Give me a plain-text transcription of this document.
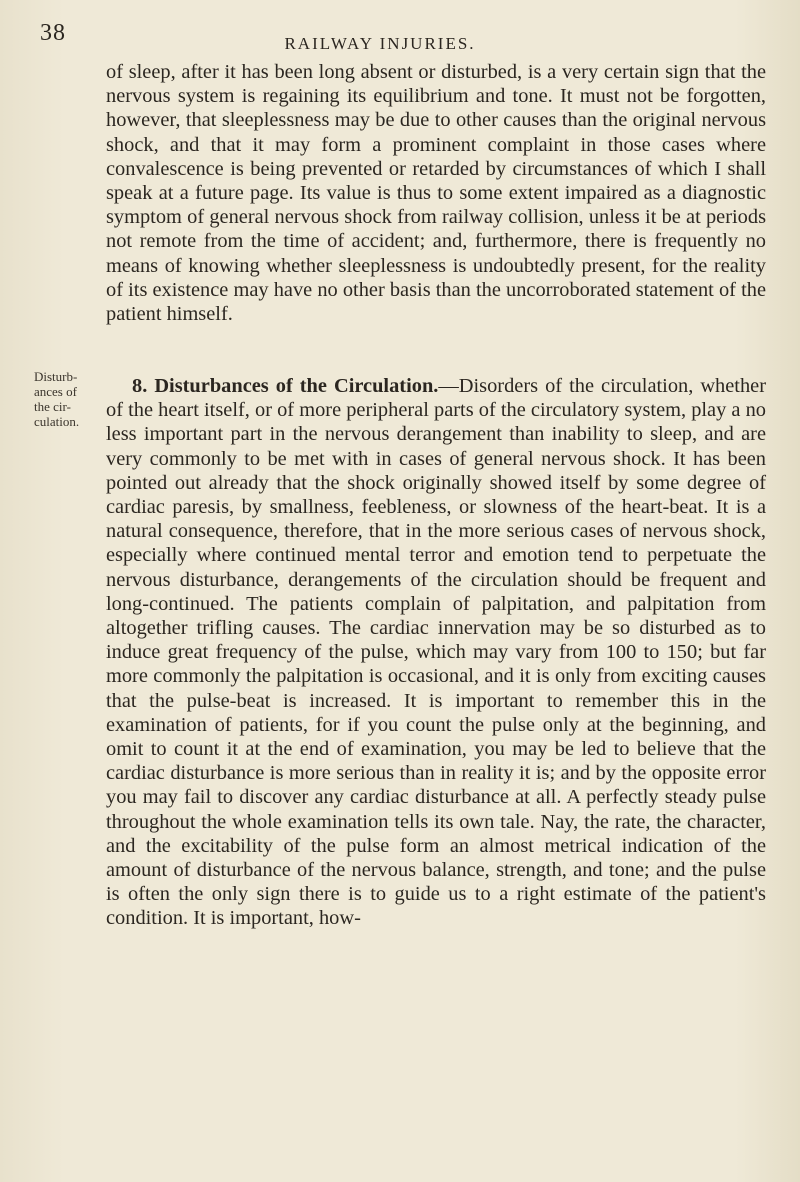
38	RAILWAY INJURIES.

of sleep, after it has been long absent or disturbed, is a very certain sign that the nervous system is regaining its equilibrium and tone. It must not be forgotten, however, that sleeplessness may be due to other causes than the original nervous shock, and that it may form a prominent complaint in those cases where convalescence is being prevented or retarded by circumstances of which I shall speak at a future page. Its value is thus to some extent impaired as a diagnostic symptom of general nervous shock from railway collision, unless it be at periods not remote from the time of accident; and, furthermore, there is frequently no means of knowing whether sleeplessness is undoubtedly present, for the reality of its existence may have no other basis than the uncorroborated statement of the patient himself.

Disturb-
ances of
the cir-
culation.

8. Disturbances of the Circulation.—Disorders of the circulation, whether of the heart itself, or of more peripheral parts of the circulatory system, play a no less important part in the nervous derangement than inability to sleep, and are very commonly to be met with in cases of general nervous shock. It has been pointed out already that the shock originally showed itself by some degree of cardiac paresis, by smallness, feebleness, or slowness of the heart-beat. It is a natural consequence, therefore, that in the more serious cases of nervous shock, especially where continued mental terror and emotion tend to perpetuate the nervous disturbance, derangements of the circulation should be frequent and long-continued. The patients complain of palpitation, and palpitation from altogether trifling causes. The cardiac innervation may be so disturbed as to induce great frequency of the pulse, which may vary from 100 to 150; but far more commonly the palpitation is occasional, and it is only from exciting causes that the pulse-beat is increased. It is important to remember this in the examination of patients, for if you count the pulse only at the beginning, and omit to count it at the end of examination, you may be led to believe that the cardiac disturbance is more serious than in reality it is; and by the opposite error you may fail to discover any cardiac disturbance at all. A perfectly steady pulse throughout the whole examination tells its own tale. Nay, the rate, the character, and the excitability of the pulse form an almost metrical indication of the amount of disturbance of the nervous balance, strength, and tone; and the pulse is often the only sign there is to guide us to a right estimate of the patient's condition. It is important, how-
